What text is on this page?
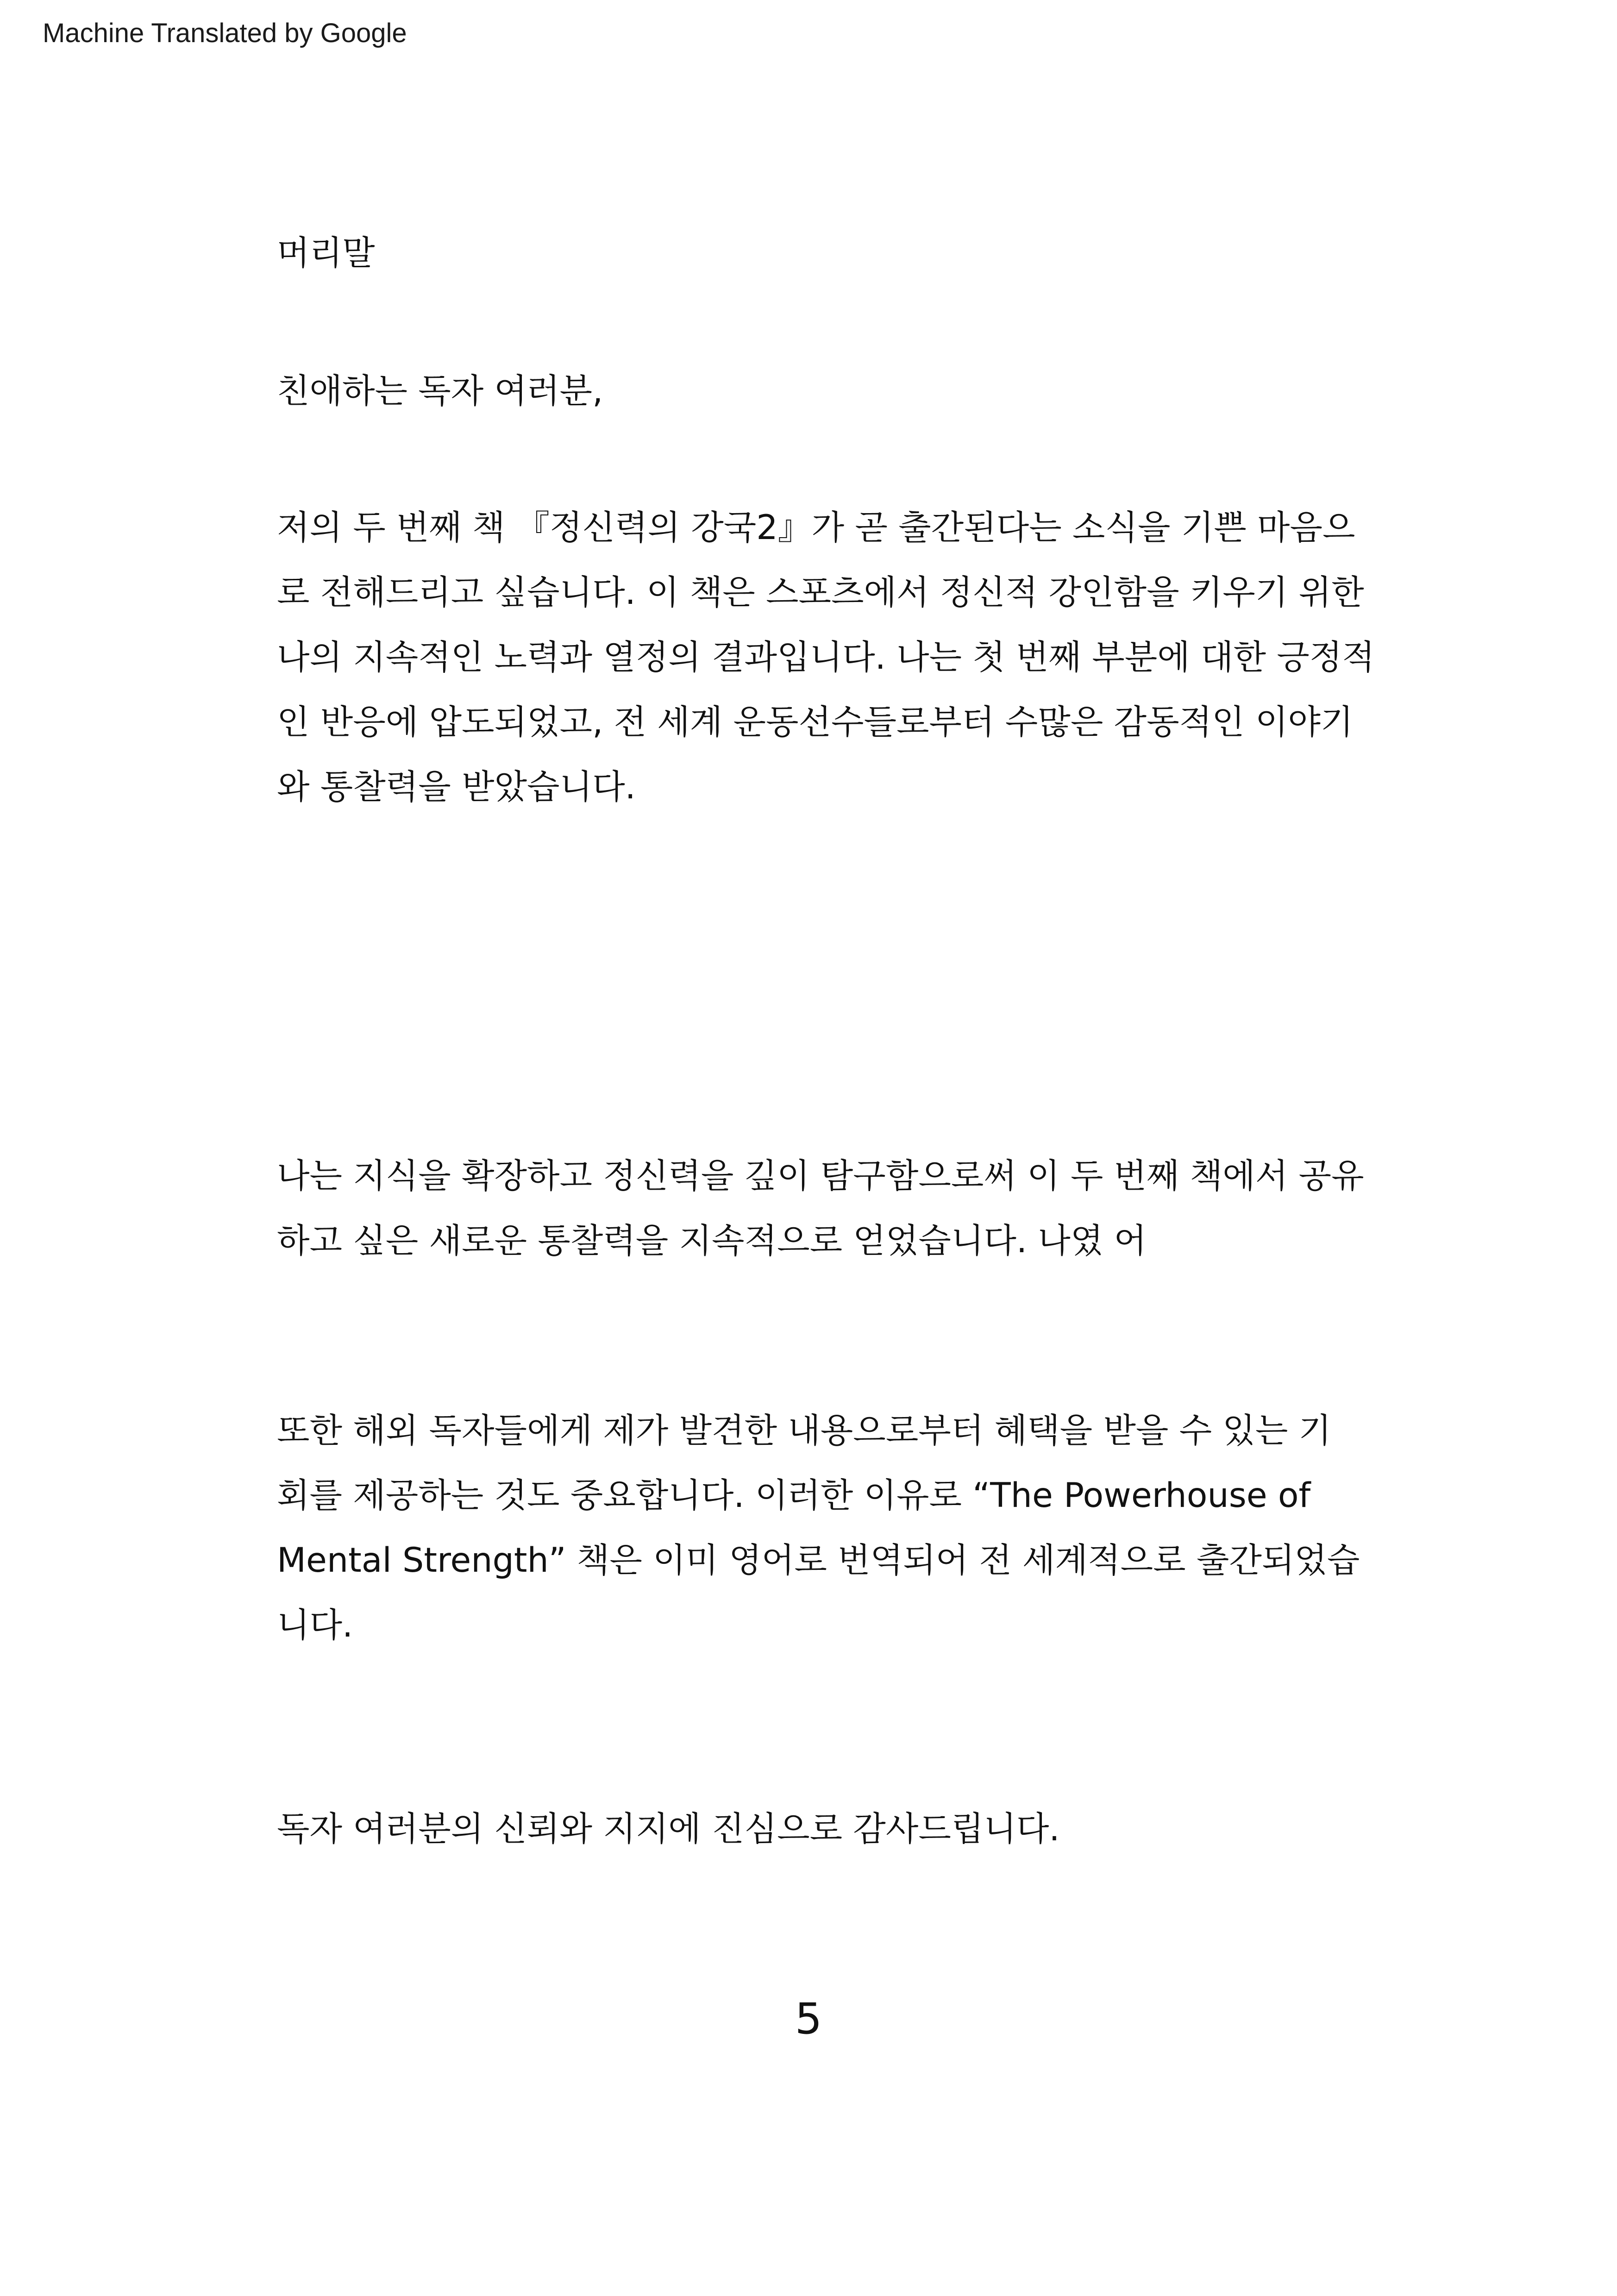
Machine Translated by Google
머리말
친애하는 독자 여러분,
저의 두 번째 책 『정신력의 강국2』가 곧 출간된다는 소식을 기쁜 마음으
로 전해드리고 싶습니다. 이 책은 스포츠에서 정신적 강인함을 키우기 위한
나의 지속적인 노력과 열정의 결과입니다. 나는 첫 번째 부분에 대한 긍정적
인 반응에 압도되었고, 전 세계 운동선수들로부터 수많은 감동적인 이야기
와 통찰력을 받았습니다.
나는 지식을 확장하고 정신력을 깊이 탐구함으로써 이 두 번째 책에서 공유
하고 싶은 새로운 통찰력을 지속적으로 얻었습니다. 나였 어
또한 해외 독자들에게 제가 발견한 내용으로부터 혜택을 받을 수 있는 기
회를 제공하는 것도 중요합니다. 이러한 이유로 “The Powerhouse of
Mental Strength” 책은 이미 영어로 번역되어 전 세계적으로 출간되었습
니다.
독자 여러분의 신뢰와 지지에 진심으로 감사드립니다.
5
